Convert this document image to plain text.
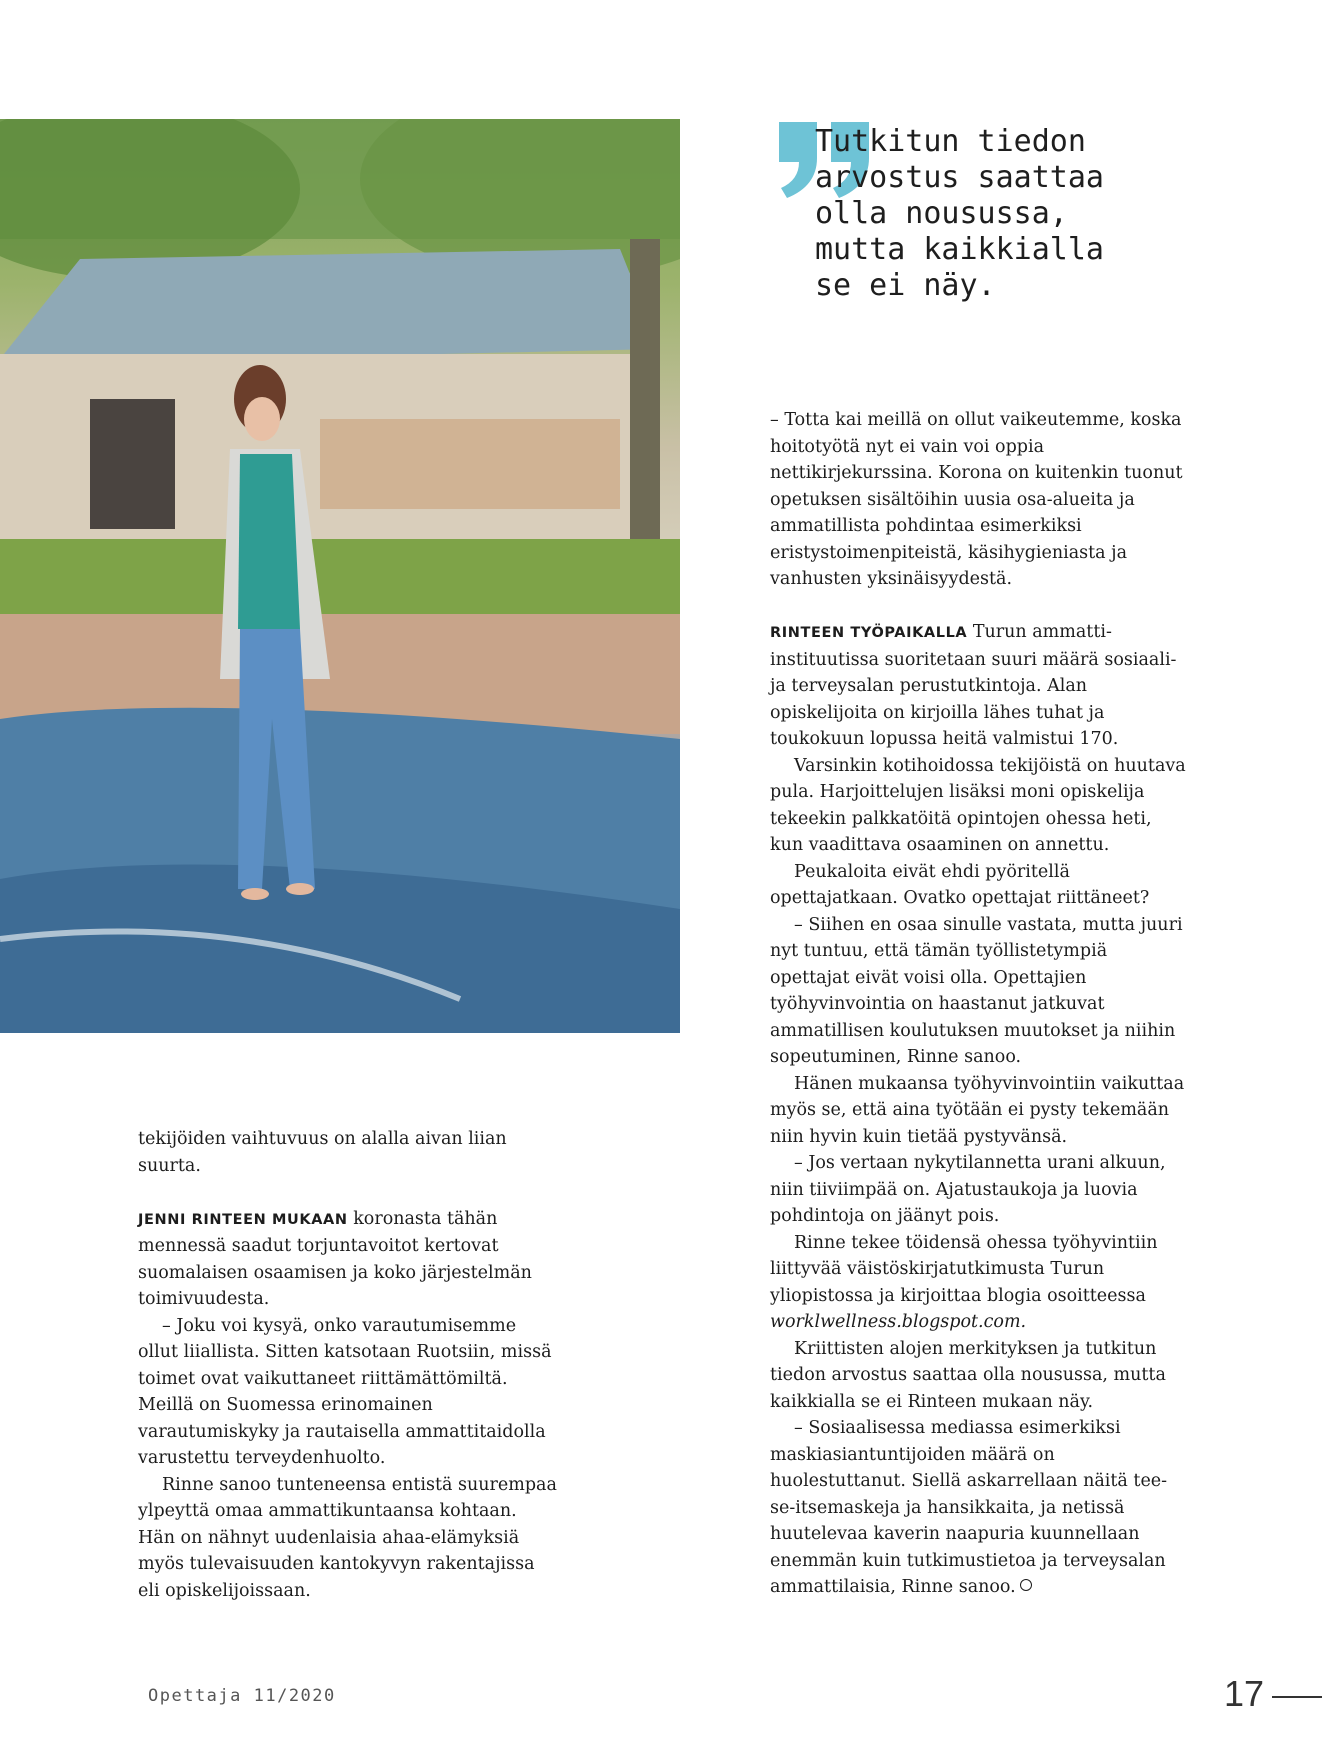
Tutkitun tiedon
arvostus saattaa
olla nousussa,
mutta kaikkialla
se ei näy.

– Totta kai meillä on ollut vaikeutemme, koska hoitotyötä nyt ei vain voi oppia nettikirjekurssina. Korona on kuitenkin tuonut opetuksen sisältöihin uusia osa-alueita ja ammatillista pohdintaa esimerkiksi eristystoimenpiteistä, käsihygieniasta ja vanhusten yksinäisyydestä.

RINTEEN TYÖPAIKALLA Turun ammatti-instituutissa suoritetaan suuri määrä sosiaali- ja terveysalan perustutkintoja. Alan opiskelijoita on kirjoilla lähes tuhat ja toukokuun lopussa heitä valmistui 170.

Varsinkin kotihoidossa tekijöistä on huutava pula. Harjoittelujen lisäksi moni opiskelija tekeekin palkkatöitä opintojen ohessa heti, kun vaadittava osaaminen on annettu.

Peukaloita eivät ehdi pyöritellä opettajatkaan. Ovatko opettajat riittäneet?

– Siihen en osaa sinulle vastata, mutta juuri nyt tuntuu, että tämän työllistetympiä opettajat eivät voisi olla. Opettajien työhyvinvointia on haastanut jatkuvat ammatillisen koulutuksen muutokset ja niihin sopeutuminen, Rinne sanoo.

Hänen mukaansa työhyvinvointiin vaikuttaa myös se, että aina työtään ei pysty tekemään niin hyvin kuin tietää pystyvänsä.

– Jos vertaan nykytilannetta urani alkuun, niin tiiviimpää on. Ajatustaukoja ja luovia pohdintoja on jäänyt pois.

Rinne tekee töidensä ohessa työhyvintiin liittyvää väistöskirjatutkimusta Turun yliopistossa ja kirjoittaa blogia osoitteessa worklwellness.blogspot.com.

Kriittisten alojen merkityksen ja tutkitun tiedon arvostus saattaa olla nousussa, mutta kaikkialla se ei Rinteen mukaan näy.

– Sosiaalisessa mediassa esimerkiksi maskiasiantuntijoiden määrä on huolestuttanut. Siellä askarrellaan näitä tee-se-itsemaskeja ja hansikkaita, ja netissä huutelevaa kaverin naapuria kuunnellaan enemmän kuin tutkimustietoa ja terveysalan ammattilaisia, Rinne sanoo.

tekijöiden vaihtuvuus on alalla aivan liian suurta.

JENNI RINTEEN MUKAAN koronasta tähän mennessä saadut torjuntavoitot kertovat suomalaisen osaamisen ja koko järjestelmän toimivuudesta.

– Joku voi kysyä, onko varautumisemme ollut liiallista. Sitten katsotaan Ruotsiin, missä toimet ovat vaikuttaneet riittämättömiltä. Meillä on Suomessa erinomainen varautumiskyky ja rautaisella ammattitaidolla varustettu terveydenhuolto.

Rinne sanoo tunteneensa entistä suurempaa ylpeyttä omaa ammattikuntaansa kohtaan. Hän on nähnyt uudenlaisia ahaa-elämyksiä myös tulevaisuuden kantokyvyn rakentajissa eli opiskelijoissaan.

Opettaja 11/2020	17
